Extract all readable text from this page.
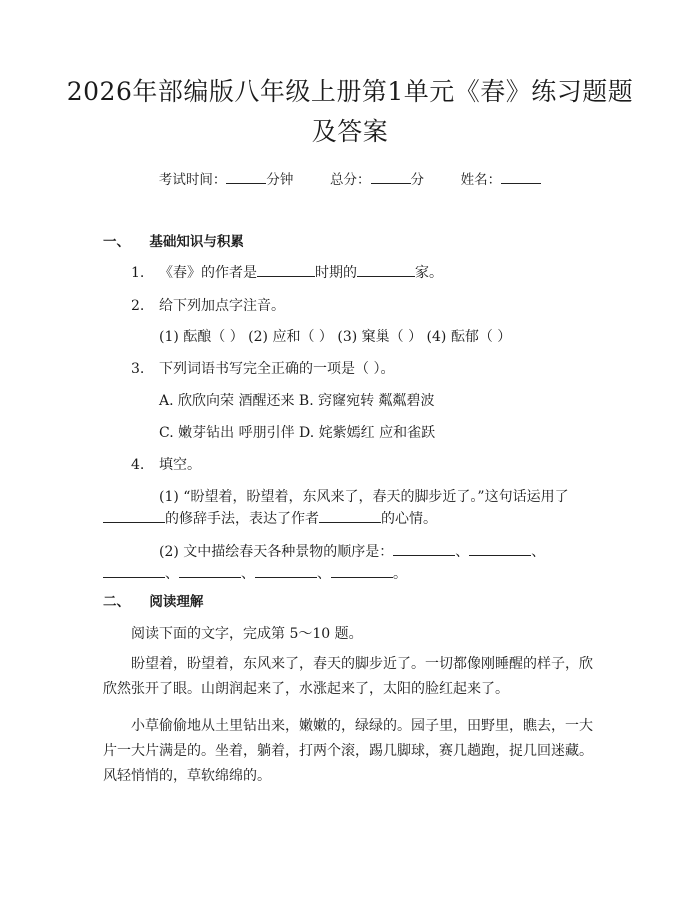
2026年部编版八年级上册第1单元《春》练习题题及答案
考试时间：	分钟	总分：	分	姓名：
一、 基础知识与积累
1. 《春》的作者是	时期的	家。
2. 给下列加点字注音。
(1) 酝酿（ ） (2) 应和（ ） (3) 窠巢（ ） (4) 酝郁（ ）
3. 下列词语书写完全正确的一项是（ ）。
A. 欣欣向荣 酒醒还来 B. 窍窿宛转 粼粼碧波
C. 嫩芽钻出 呼朋引伴 D. 姹紫嫣红 应和雀跃
4. 填空。
(1) “盼望着，盼望着，东风来了，春天的脚步近了。”这句话运用了
的修辞手法，表达了作者	的心情。
(2) 文中描绘春天各种景物的顺序是：	、	、
、	、	、	。
二、 阅读理解
阅读下面的文字，完成第 5～10 题。
盼望着，盼望着，东风来了，春天的脚步近了。一切都像刚睡醒的样子，欣欣然张开了眼。山朗润起来了，水涨起来了，太阳的脸红起来了。
小草偷偷地从土里钻出来，嫩嫩的，绿绿的。园子里，田野里，瞧去，一大片一大片满是的。坐着，躺着，打两个滚，踢几脚球，赛几趟跑，捉几回迷藏。风轻悄悄的，草软绵绵的。
